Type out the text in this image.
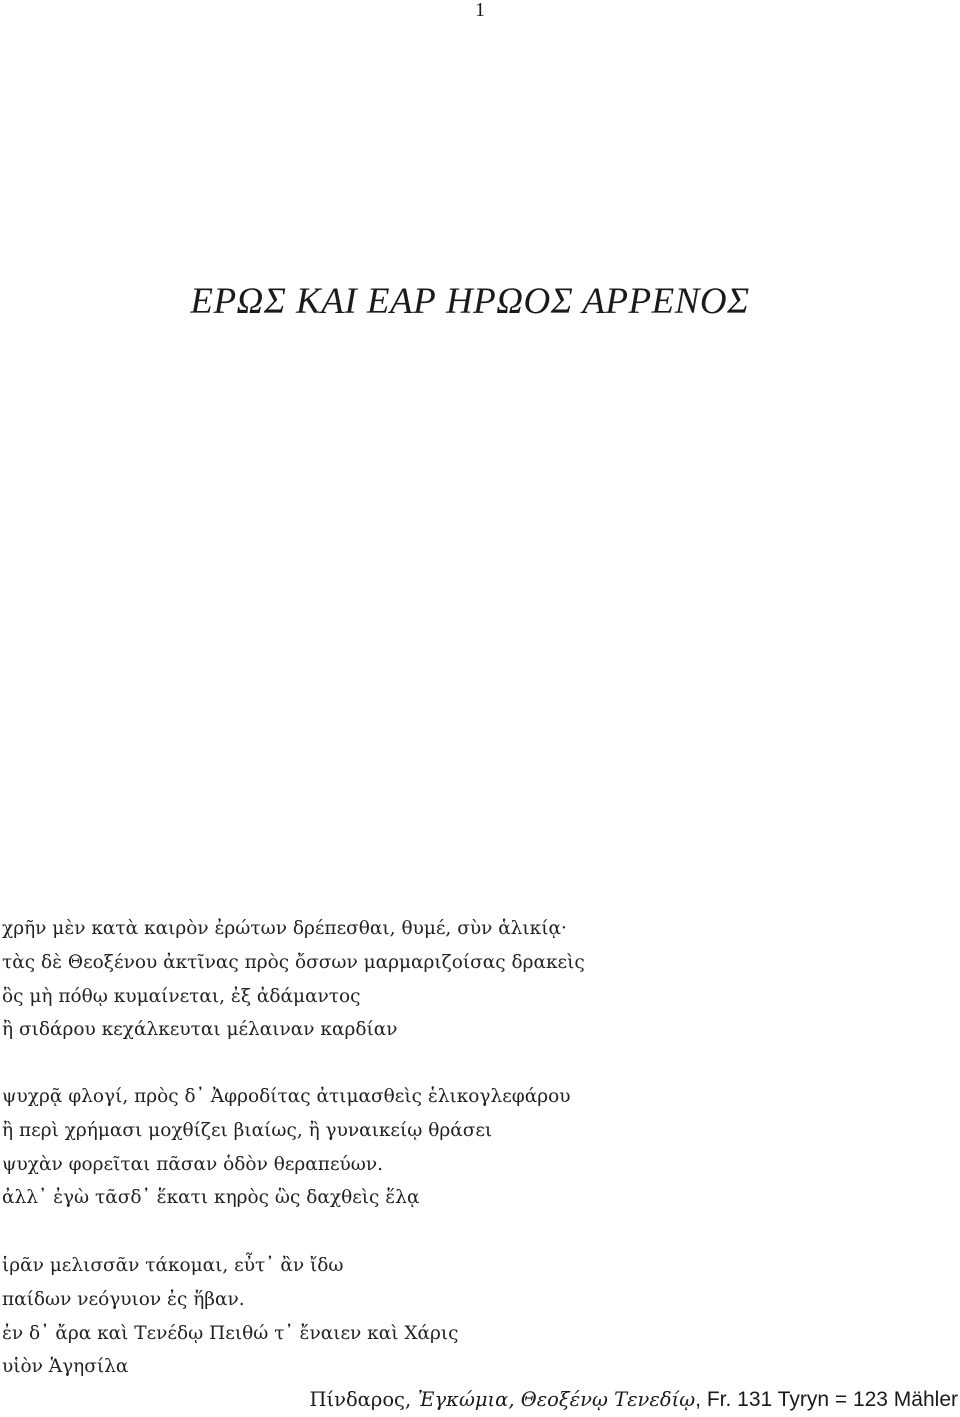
1
ΕΡΩΣ ΚΑΙ ΕΑΡ ΗΡΩΟΣ ΑΡΡΕΝΟΣ
χρῆν μὲν κατὰ καιρὸν ἐρώτων δρέπεσθαι, θυμέ, σὺν ἁλικίᾳ·
τὰς δὲ Θεοξένου ἀκτῖνας πρὸς ὄσσων μαρμαριζοίσας δρακεὶς
ὃς μὴ πόθῳ κυμαίνεται, ἐξ ἀδάμαντος
ἢ σιδάρου κεχάλκευται μέλαιναν καρδίαν
ψυχρᾷ φλογί, πρὸς δ᾽ Ἀφροδίτας ἀτιμασθεὶς ἑλικογλεφάρου
ἢ περὶ χρήμασι μοχθίζει βιαίως, ἢ γυναικείῳ θράσει
ψυχὰν φορεῖται πᾶσαν ὁδὸν θεραπεύων.
ἀλλ᾽ ἐγὼ τᾶσδ᾽ ἕκατι κηρὸς ὣς δαχθεὶς ἕλᾳ
ἱρᾶν μελισσᾶν τάκομαι, εὖτ᾽ ἂν ἴδω
παίδων νεόγυιον ἐς ἥβαν.
ἐν δ᾽ ἄρα καὶ Τενέδῳ Πειθώ τ᾽ ἔναιεν καὶ Χάρις
υἱὸν Ἁγησίλα
Πίνδαρος, Ἐγκώμια, Θεοξένῳ Τενεδίῳ, Fr. 131 Tyryn = 123 Mähler
